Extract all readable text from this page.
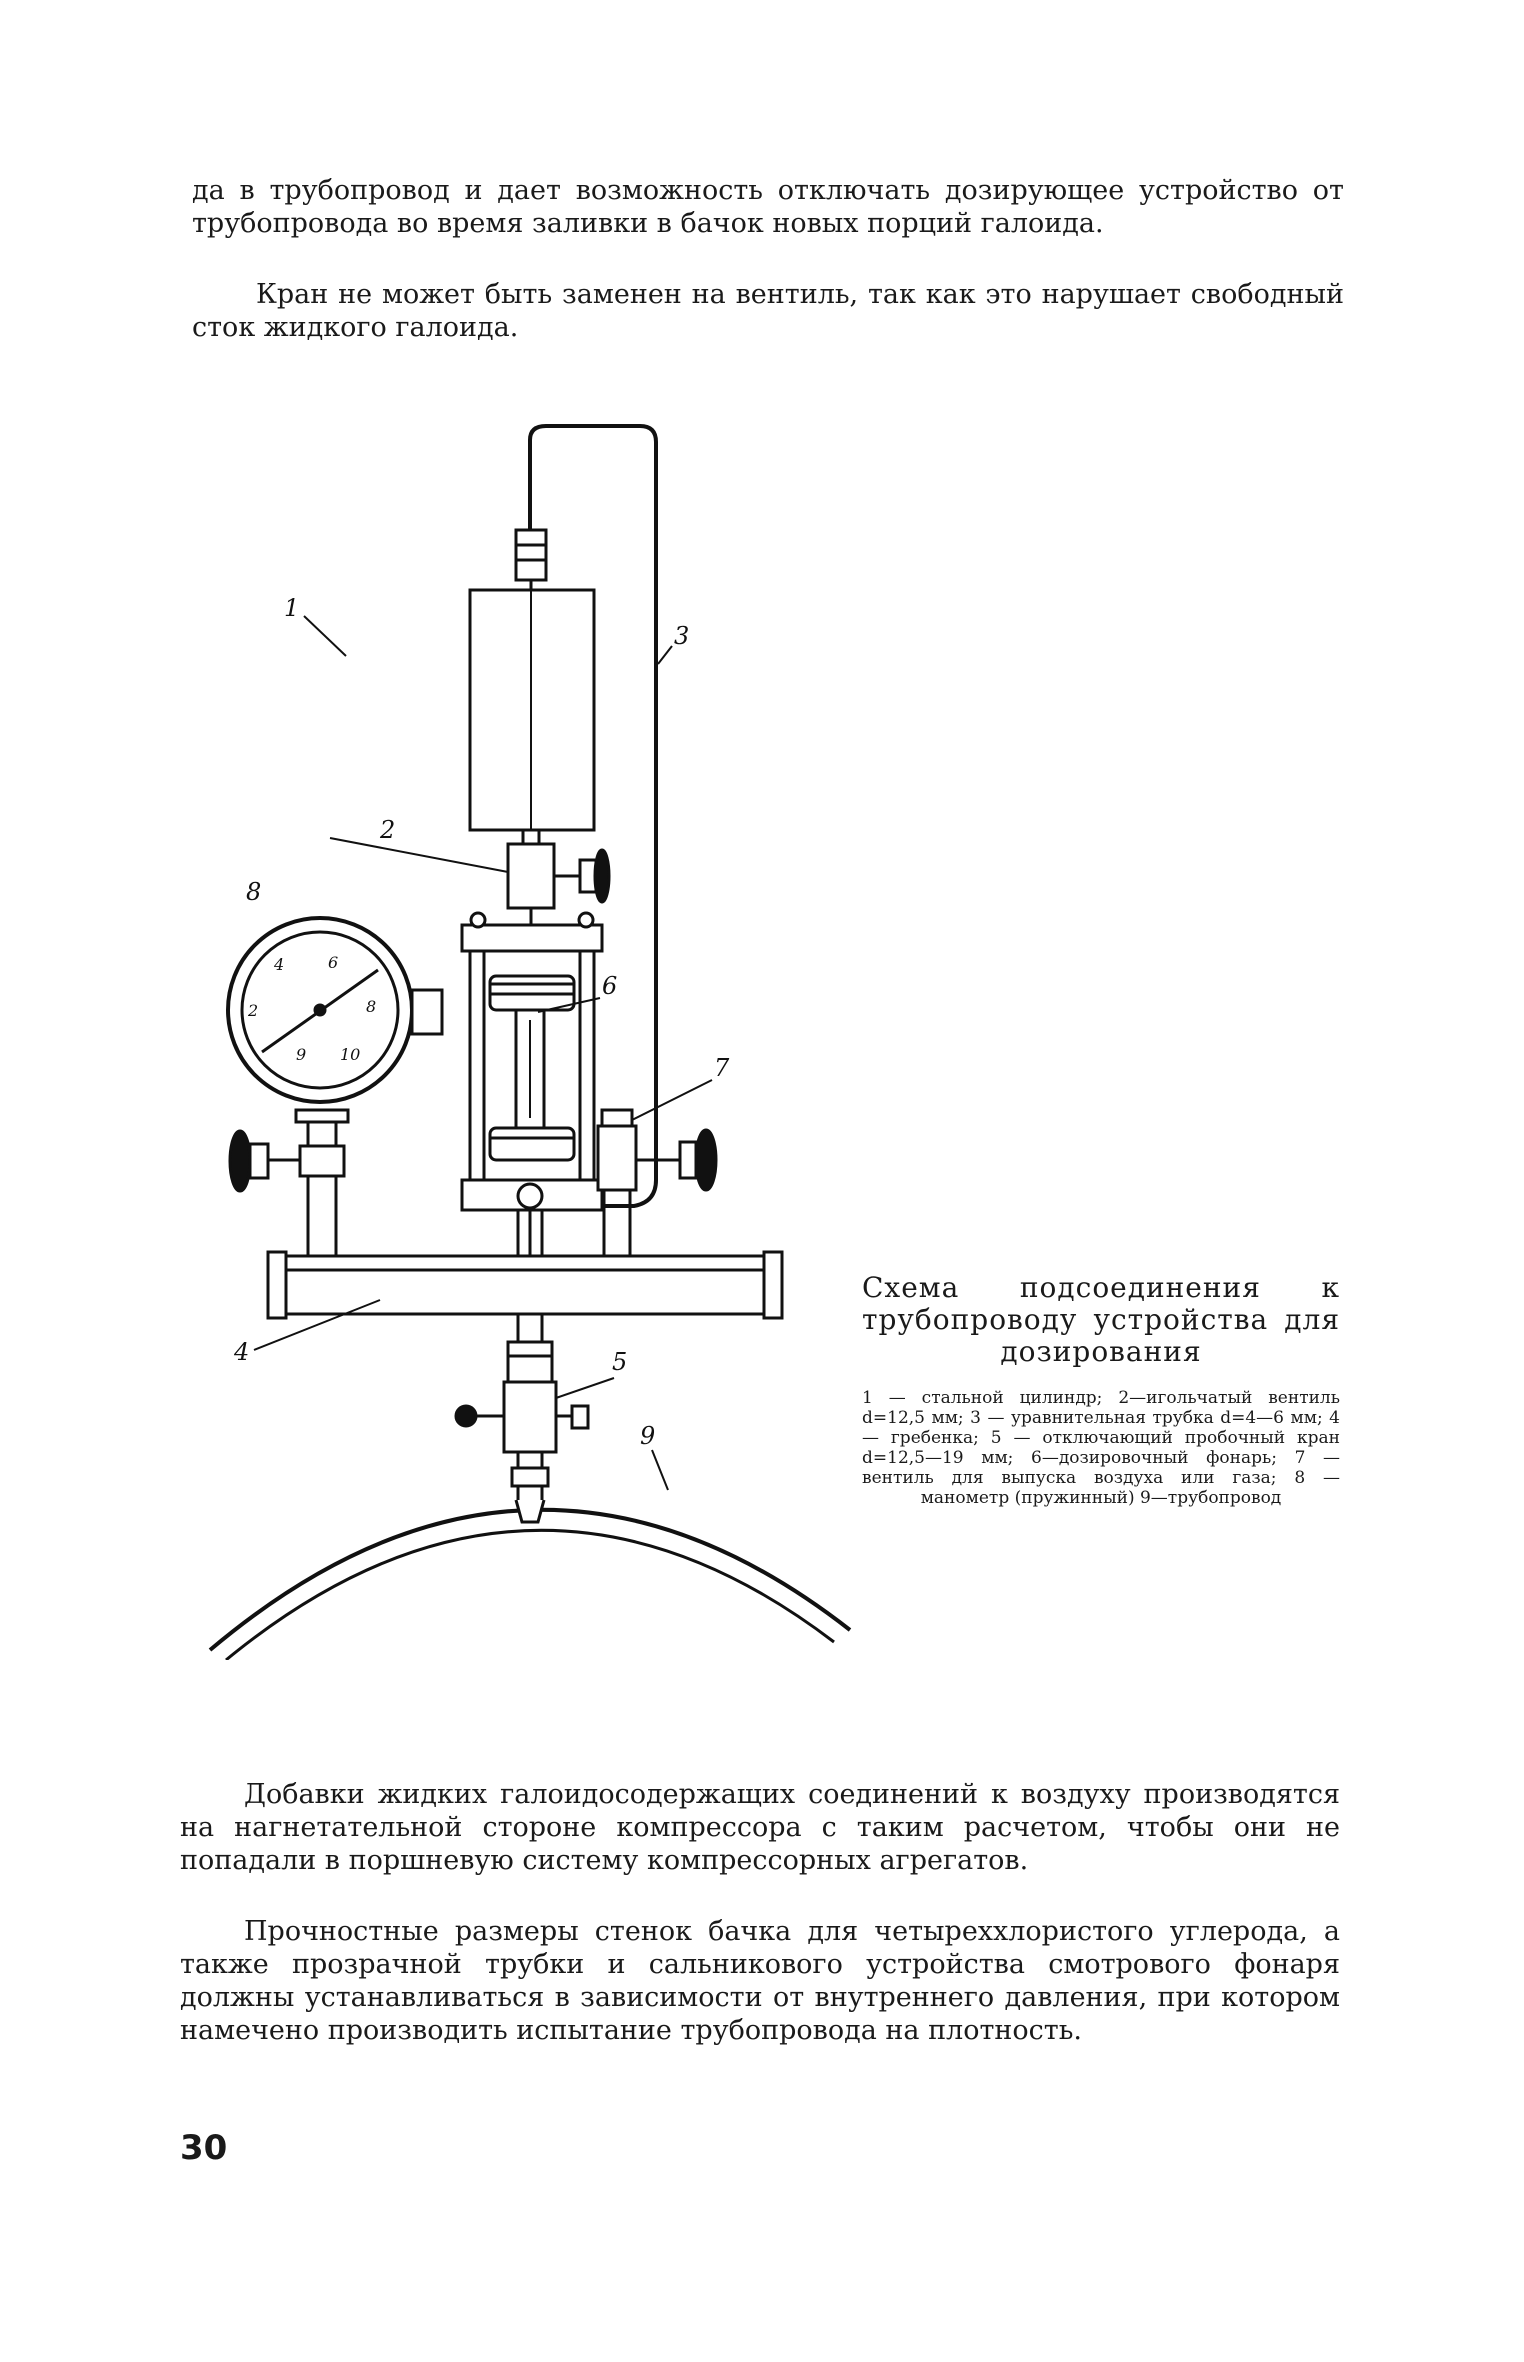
да в трубопровод и дает возможность отключать дозирующее устройство от трубопровода во время заливки в бачок новых порций галоида.

Кран не может быть заменен на вентиль, так как это нарушает свободный сток жидкого галоида.

1
2
3
4	5
6
7
8
9
2
4	6
8
9 10

Схема подсоединения к трубопроводу устройства для дозирования

1 — стальной цилиндр; 2—игольчатый вентиль d=12,5 мм; 3 — уравнительная трубка d=4—6 мм; 4 — гребенка; 5 — отключающий пробочный кран d=12,5—19 мм; 6—дозировочный фонарь; 7 — вентиль для выпуска воздуха или газа; 8 — манометр (пружинный) 9—трубопровод

Добавки жидких галоидосодержащих соединений к воздуху производятся на нагнетательной стороне компрессора с таким расчетом, чтобы они не попадали в поршневую систему компрессорных агрегатов.

Прочностные размеры стенок бачка для четыреххлористого углерода, а также прозрачной трубки и сальникового устройства смотрового фонаря должны устанавливаться в зависимости от внутреннего давления, при котором намечено производить испытание трубопровода на плотность.

30
